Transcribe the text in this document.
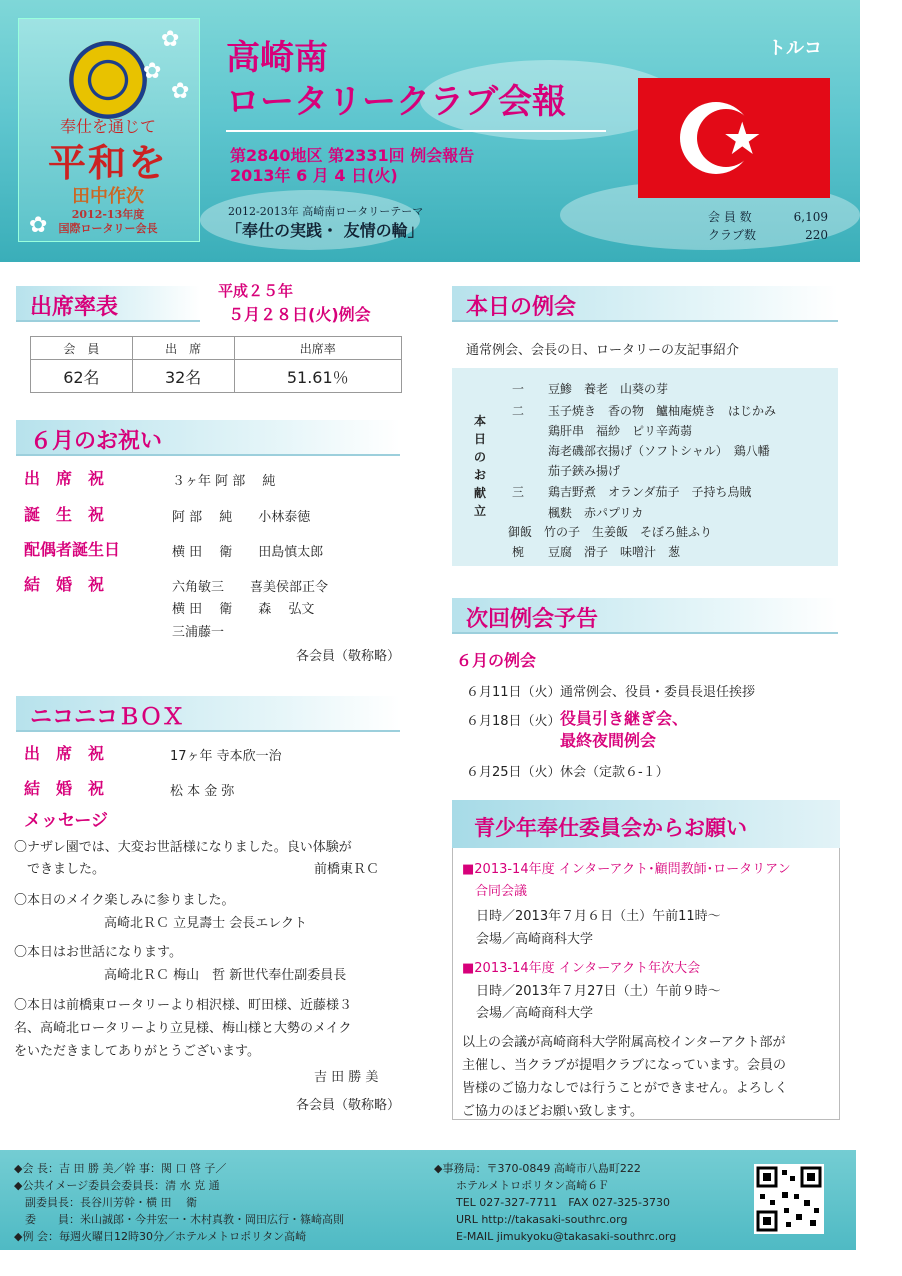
✿
✿
✿
✿
奉仕を通じて
平和を
田中作次
2012-13年度
国際ロータリー会長
高崎南
ロータリークラブ会報
第2840地区 第2331回 例会報告
2013年 6 月 4 日(火)
2012-2013年 高崎南ロータリーテーマ
「奉仕の実践・ 友情の輪」
トルコ
会 員 数	6,109
クラブ数	220
出席率表
平成２５年
５月２８日(火)例会
会　員	出　席	出席率
62名	32名	51.61％
６月のお祝い
出　席　祝	３ヶ年 阿 部　 純
誕　生　祝	阿 部　 純　　小林泰徳
配偶者誕生日	横 田　 衛　　田島慎太郎
結　婚　祝	六角敏三　　喜美侯部正令
横 田　 衛　　森　 弘文
三浦藤一
各会員（敬称略）
ニコニコＢＯＸ
出　席　祝	17ヶ年 寺本欣一治
結　婚　祝	松 本 金 弥
メッセージ
〇ナザレ園では、大変お世話様になりました。良い体験が
　できました。	前橋東ＲＣ
〇本日のメイク楽しみに参りました。
高崎北ＲＣ 立見壽士 会長エレクト
〇本日はお世話になります。
高崎北ＲＣ 梅山　哲 新世代奉仕副委員長
〇本日は前橋東ロータリーより相沢様、町田様、近藤様３
名、高崎北ロータリーより立見様、梅山様と大勢のメイク
をいただきましてありがとうございます。
吉 田 勝 美
各会員（敬称略）
本日の例会
通常例会、会長の日、ロータリーの友記事紹介
本
日
の
お
献
立
一　　豆鯵　養老　山葵の芽
二　　玉子焼き　香の物　鱸柚庵焼き　はじかみ
　　　鶏肝串　福紗　ピリ辛蒟蒻
　　　海老磯部衣揚げ（ソフトシャル）　鶏八幡
　　　茄子鋏み揚げ
三　　鶏吉野煮　オランダ茄子　子持ち烏賊
　　　楓麩　赤パプリカ
御飯　竹の子　生姜飯　そぼろ鮭ふり
椀　　豆腐　滑子　味噌汁　葱
次回例会予告
６月の例会
６月11日（火） 通常例会、役員・委員長退任挨拶
６月18日（火） 役員引き継ぎ会、
最終夜間例会
６月25日（火） 休会（定款６-１）
青少年奉仕委員会からお願い
■2013-14年度 インターアクト･顧問教師･ロータリアン
　合同会議
日時／2013年７月６日（土）午前11時～
会場／高崎商科大学
■2013-14年度 インターアクト年次大会
日時／2013年７月27日（土）午前９時～
会場／高崎商科大学
以上の会議が高崎商科大学附属高校インターアクト部が
主催し、当クラブが提唱クラブになっています。会員の
皆様のご協力なしでは行うことができません。よろしく
ご協力のほどお願い致します。
◆会 長：吉 田 勝 美／幹 事：関 口 啓 子／
◆公共イメージ委員会委員長：清 水 克 通
　副委員長：長谷川芳幹・横 田　 衛
　委　　員：米山誠郎・今井宏一・木村真教・岡田広行・篠崎高則
◆例 会：毎週火曜日12時30分／ホテルメトロポリタン高崎
◆事務局：〒370-0849 高崎市八島町222
　　ホテルメトロポリタン高崎６Ｆ
　　TEL 027-327-7711　FAX 027-325-3730
　　URL http://takasaki-southrc.org
　　E-MAIL jimukyoku@takasaki-southrc.org
